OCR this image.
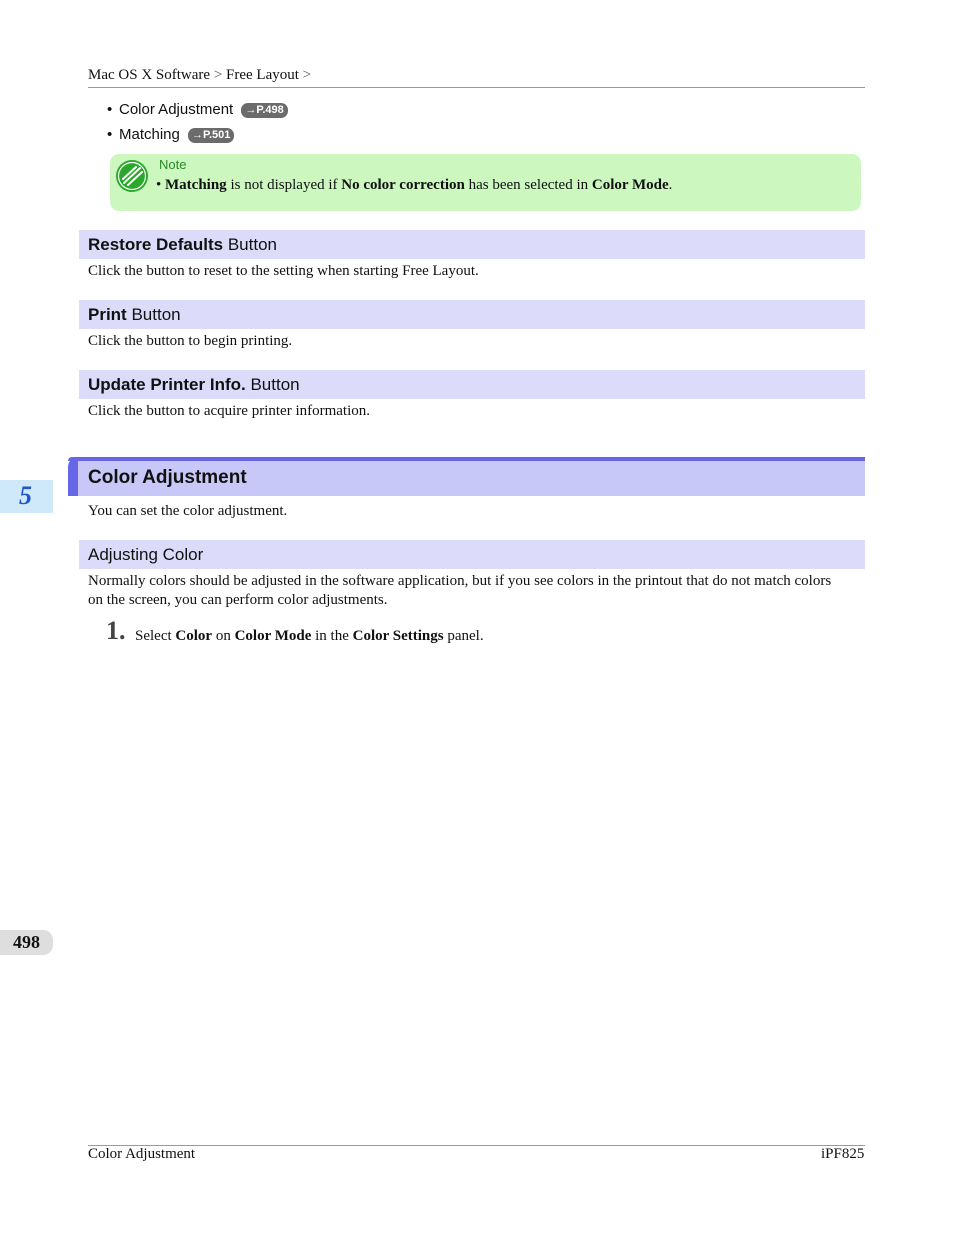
Mac OS X Software > Free Layout >
• Color Adjustment →P.498
• Matching →P.501
Note
• Matching is not displayed if No color correction has been selected in Color Mode.
Restore Defaults Button
Click the button to reset to the setting when starting Free Layout.
Print Button
Click the button to begin printing.
Update Printer Info. Button
Click the button to acquire printer information.
5
Color Adjustment
You can set the color adjustment.
Adjusting Color
Normally colors should be adjusted in the software application, but if you see colors in the printout that do not match colors
on the screen, you can perform color adjustments.
1. Select Color on Color Mode in the Color Settings panel.
498
Color Adjustment	iPF825
